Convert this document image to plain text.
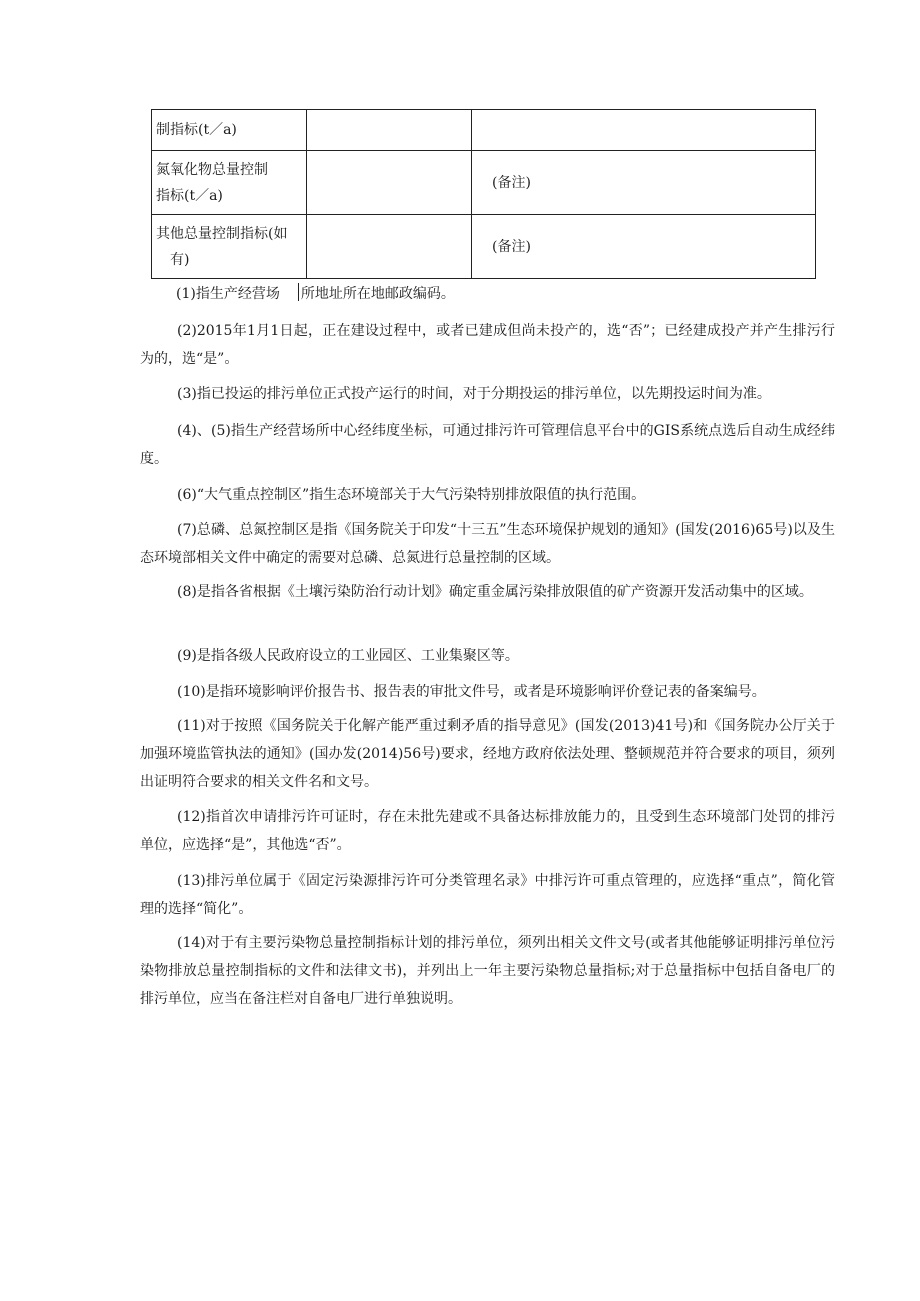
制指标(t／a)		

氮氧化物总量控制
指标(t／a)		(备注)

其他总量控制指标(如
有)		(备注)
(1)指生产经营场 所地址所在地邮政编码。

(2)2015年1月1日起，正在建设过程中，或者已建成但尚未投产的，选“否”；已经建成投产并产生排污行为的，选“是”。

(3)指已投运的排污单位正式投产运行的时间，对于分期投运的排污单位，以先期投运时间为准。

(4)、(5)指生产经营场所中心经纬度坐标，可通过排污许可管理信息平台中的GIS系统点选后自动生成经纬度。

(6)“大气重点控制区”指生态环境部关于大气污染特别排放限值的执行范围。

(7)总磷、总氮控制区是指《国务院关于印发“十三五”生态环境保护规划的通知》(国发(2016)65号)以及生态环境部相关文件中确定的需要对总磷、总氮进行总量控制的区域。

(8)是指各省根据《土壤污染防治行动计划》确定重金属污染排放限值的矿产资源开发活动集中的区域。

(9)是指各级人民政府设立的工业园区、工业集聚区等。

(10)是指环境影响评价报告书、报告表的审批文件号，或者是环境影响评价登记表的备案编号。

(11)对于按照《国务院关于化解产能严重过剩矛盾的指导意见》(国发(2013)41号)和《国务院办公厅关于加强环境监管执法的通知》(国办发(2014)56号)要求，经地方政府依法处理、整顿规范并符合要求的项目，须列出证明符合要求的相关文件名和文号。

(12)指首次申请排污许可证时，存在未批先建或不具备达标排放能力的，且受到生态环境部门处罚的排污单位，应选择“是”，其他选“否”。

(13)排污单位属于《固定污染源排污许可分类管理名录》中排污许可重点管理的，应选择“重点”，简化管理的选择“简化”。

(14)对于有主要污染物总量控制指标计划的排污单位，须列出相关文件文号(或者其他能够证明排污单位污染物排放总量控制指标的文件和法律文书)，并列出上一年主要污染物总量指标;对于总量指标中包括自备电厂的排污单位，应当在备注栏对自备电厂进行单独说明。
